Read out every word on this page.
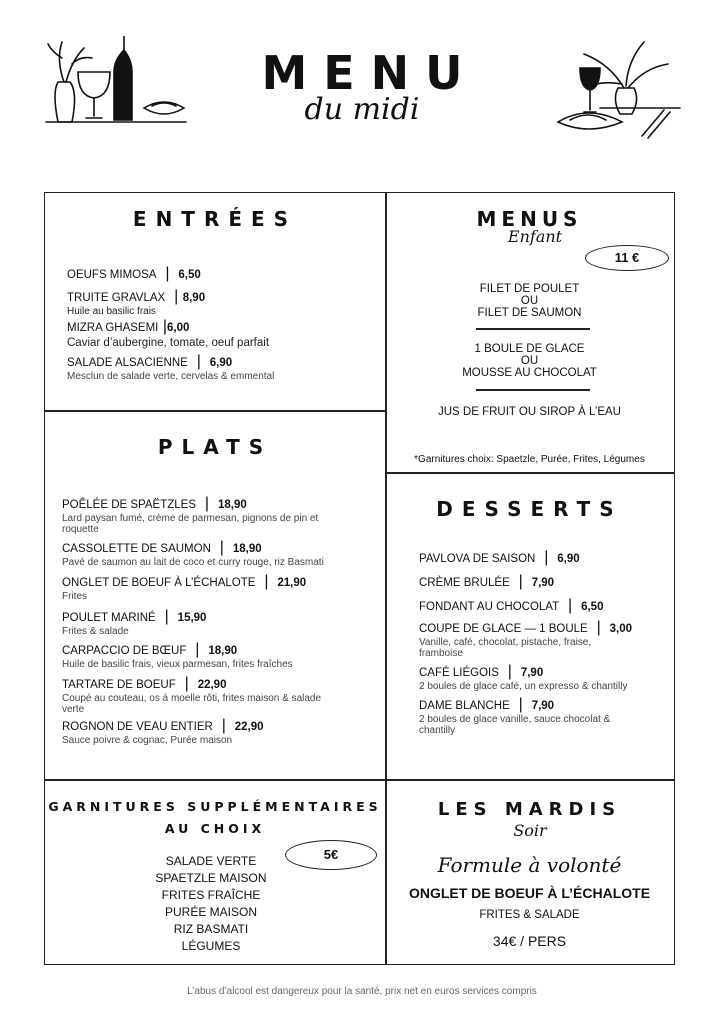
MENU
du midi
ENTRÉES
OEUFS MIMOSA  |  6,50
TRUITE GRAVLAX  | 8,90
Huile au basilic frais
MIZRA GHASEMI |6,00
Caviar d’aubergine, tomate, oeuf parfait
SALADE ALSACIENNE  |  6,90
Mesclun de salade verte, cervelas & emmental
MENUS
Enfant
11 €
FILET DE POULET
OU
FILET DE SAUMON
1 BOULE DE GLACE
OU
MOUSSE AU CHOCOLAT
JUS DE FRUIT OU SIROP À L’EAU
*Garnitures choix: Spaetzle, Purée, Frites, Légumes
PLATS
POÊLÉE DE SPAËTZLES  |  18,90
Lard paysan fumé, crème de parmesan, pignons de pin et
roquette
CASSOLETTE DE SAUMON  |  18,90
Pavé de saumon au lait de coco et curry rouge, riz Basmati
ONGLET DE BOEUF À L’ÉCHALOTE  |  21,90
Frites
POULET MARINÉ  |  15,90
Frites & salade
CARPACCIO DE BŒUF  |  18,90
Huile de basilic frais, vieux parmesan, frites fraîches
TARTARE DE BOEUF  |  22,90
Coupé au couteau, os à moelle rôti, frites maison & salade
verte
ROGNON DE VEAU ENTIER  |  22,90
Sauce poivre & cognac, Purée maison
DESSERTS
PAVLOVA DE SAISON  |  6,90
CRÈME BRULÉE  |  7,90
FONDANT AU CHOCOLAT  |  6,50
COUPE DE GLACE — 1 BOULE  |  3,00
Vanille, café, chocolat, pistache, fraise,
framboise
CAFÉ LIÉGOIS  |  7,90
2 boules de glace café, un expresso & chantilly
DAME BLANCHE  |  7,90
2 boules de glace vanille, sauce chocolat &
chantilly
GARNITURES SUPPLÉMENTAIRES
AU CHOIX
5€
SALADE VERTE
SPAETZLE MAISON
FRITES FRAÎCHE
PURÉE MAISON
RIZ BASMATI
LÉGUMES
LES MARDIS
Soir
Formule à volonté
ONGLET DE BOEUF À L’ÉCHALOTE
FRITES & SALADE
34€ / PERS
L’abus d’alcool est dangereux pour la santé, prix net en euros services compris
